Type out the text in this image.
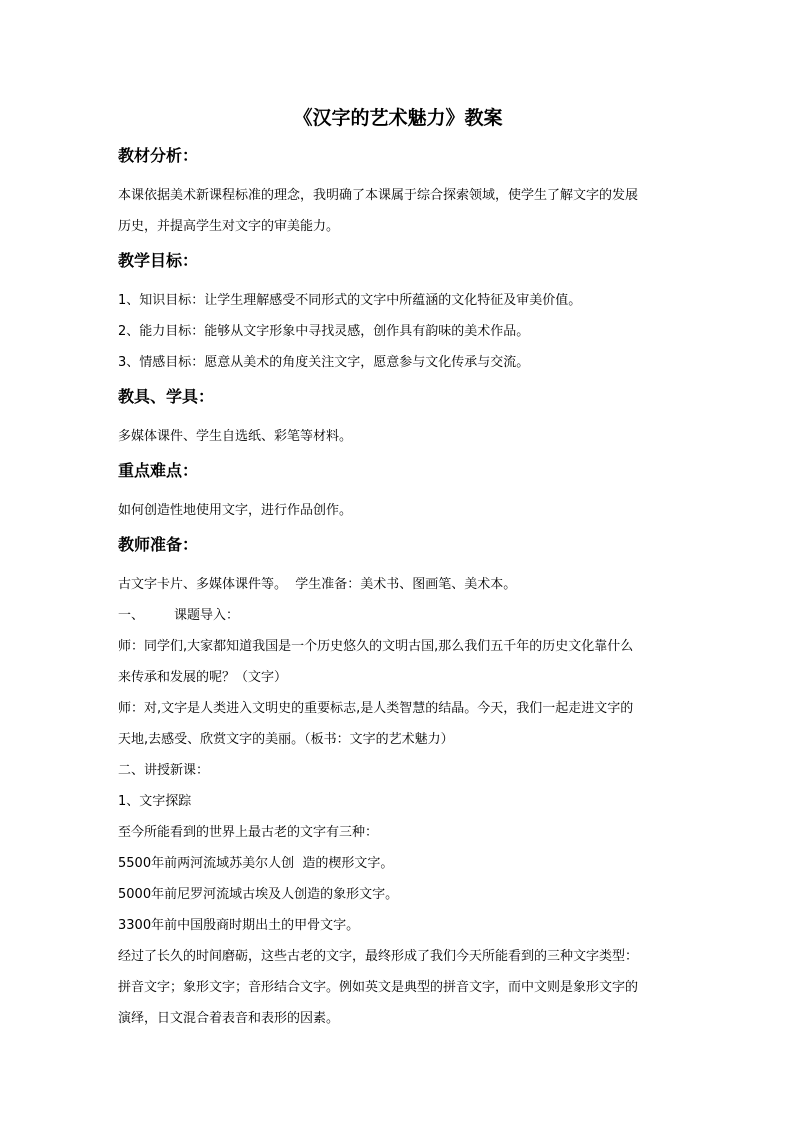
《汉字的艺术魅力》教案
教材分析：

本课依据美术新课程标准的理念，我明确了本课属于综合探索领域，使学生了解文字的发展

历史，并提高学生对文字的审美能力。

教学目标：

1、知识目标：让学生理解感受不同形式的文字中所蕴涵的文化特征及审美价值。

2、能力目标：能够从文字形象中寻找灵感，创作具有韵味的美术作品。

3、情感目标：愿意从美术的角度关注文字，愿意参与文化传承与交流。

教具、学具：

多媒体课件、学生自选纸、彩笔等材料。

重点难点：

如何创造性地使用文字，进行作品创作。

教师准备：

古文字卡片、多媒体课件等。  学生准备：美术书、图画笔、美术本。

一、 课题导入：

师：同学们,大家都知道我国是一个历史悠久的文明古国,那么我们五千年的历史文化靠什么

来传承和发展的呢？（文字）

师：对,文字是人类进入文明史的重要标志,是人类智慧的结晶。今天，我们一起走进文字的

天地,去感受、欣赏文字的美丽。（板书：文字的艺术魅力）

二、讲授新课：

1、文字探踪

至今所能看到的世界上最古老的文字有三种：

5500年前两河流域苏美尔人创  造的楔形文字。

5000年前尼罗河流域古埃及人创造的象形文字。

3300年前中国殷商时期出土的甲骨文字。

经过了长久的时间磨砺，这些古老的文字，最终形成了我们今天所能看到的三种文字类型：

拼音文字；象形文字；音形结合文字。例如英文是典型的拼音文字，而中文则是象形文字的

演绎，日文混合着表音和表形的因素。
